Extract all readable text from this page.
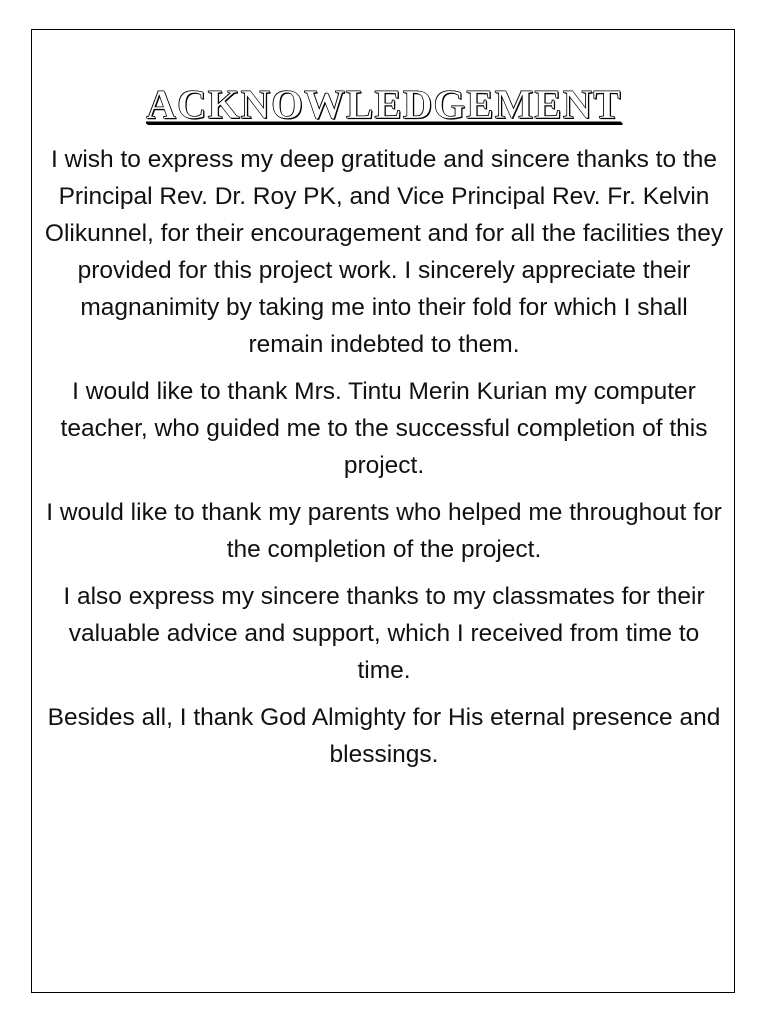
ACKNOWLEDGEMENT

I wish to express my deep gratitude and sincere thanks to the Principal Rev. Dr. Roy PK, and Vice Principal Rev. Fr. Kelvin Olikunnel, for their encouragement and for all the facilities they provided for this project work. I sincerely appreciate their magnanimity by taking me into their fold for which I shall remain indebted to them.

I would like to thank Mrs. Tintu Merin Kurian my computer teacher, who guided me to the successful completion of this project.

I would like to thank my parents who helped me throughout for the completion of the project.

I also express my sincere thanks to my classmates for their valuable advice and support, which I received from time to time.

Besides all, I thank God Almighty for His eternal presence and blessings.
